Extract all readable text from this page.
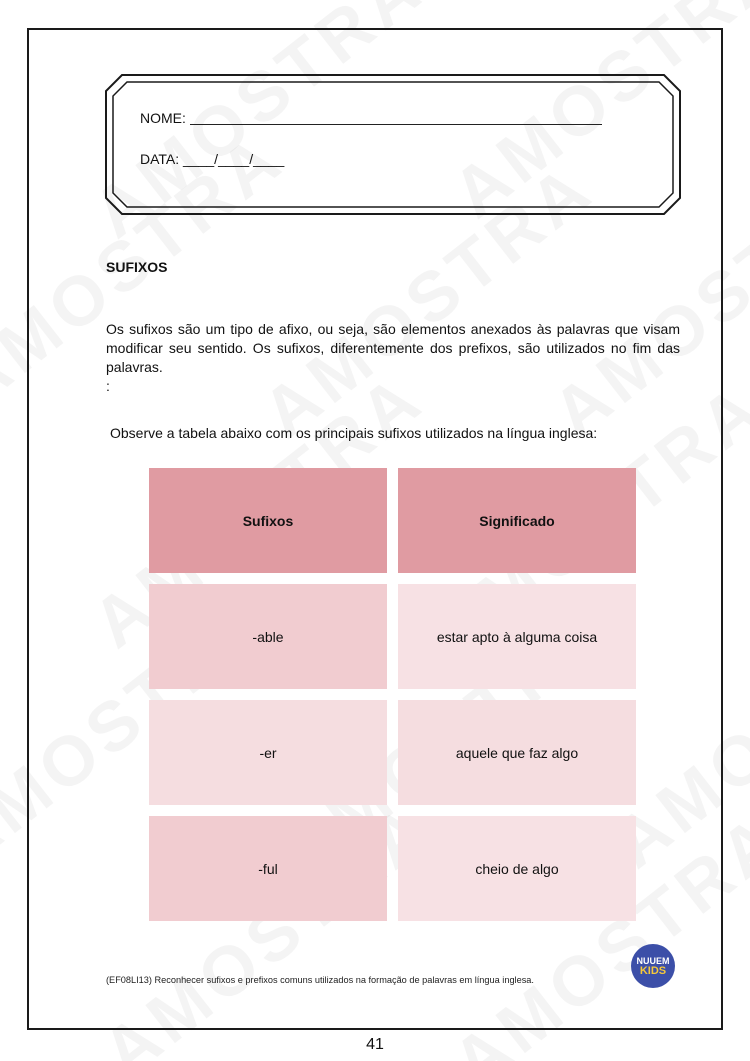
NOME:
DATA: ____/____/____
SUFIXOS

Os sufixos são um tipo de afixo, ou seja, são elementos anexados às palavras que visam modificar seu sentido. Os sufixos, diferentemente dos prefixos, são utilizados no fim das palavras.

:

Observe a tabela abaixo com os principais sufixos utilizados na língua inglesa:
Sufixos	Significado
-able	estar apto à alguma coisa
-er	aquele que faz algo
-ful	cheio de algo
NUUEM
KIDS
(EF08LI13) Reconhecer sufixos e prefixos comuns utilizados na formação de palavras em língua inglesa.
41
